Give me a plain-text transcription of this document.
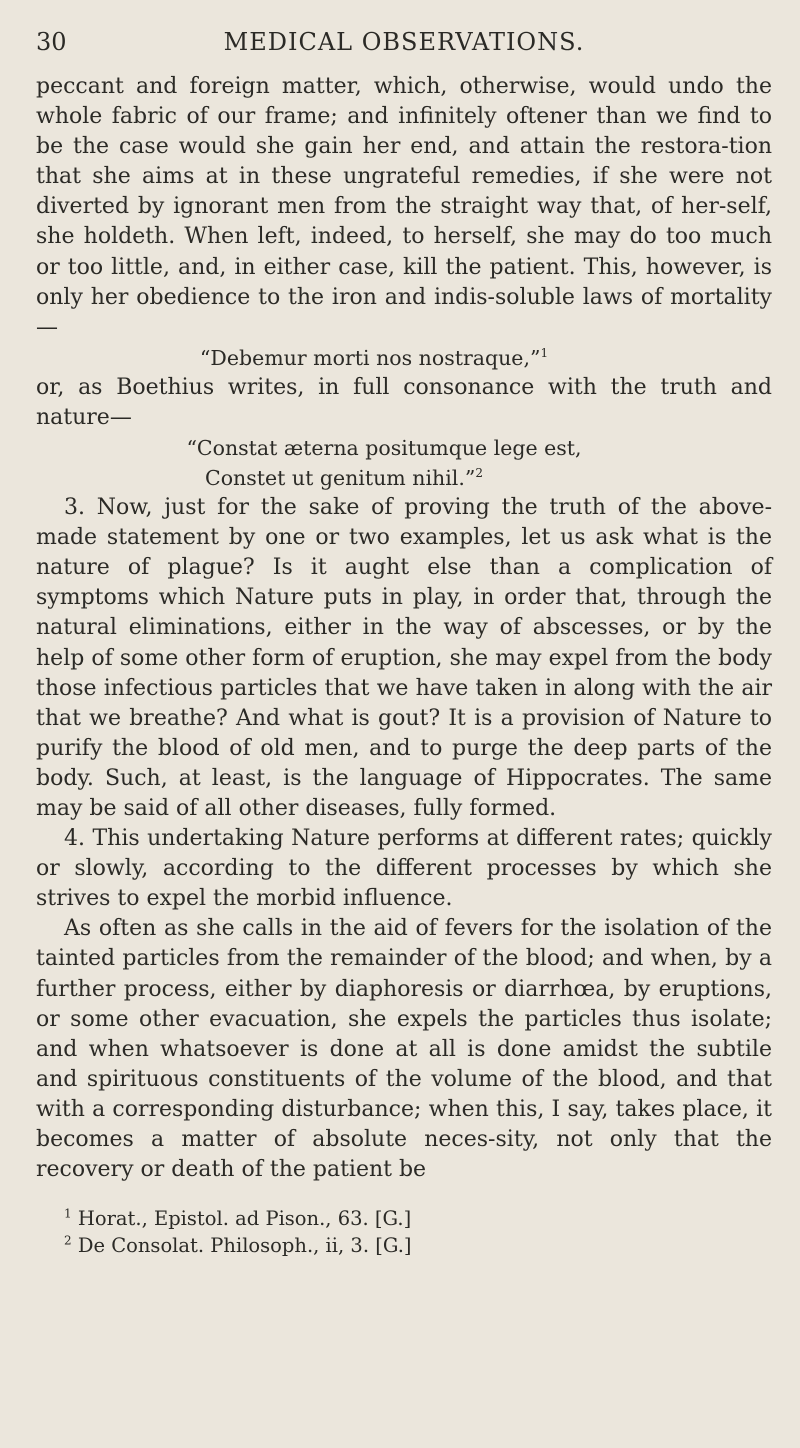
30	MEDICAL OBSERVATIONS.

peccant and foreign matter, which, otherwise, would undo the whole fabric of our frame; and infinitely oftener than we find to be the case would she gain her end, and attain the restora-tion that she aims at in these ungrateful remedies, if she were not diverted by ignorant men from the straight way that, of her-self, she holdeth. When left, indeed, to herself, she may do too much or too little, and, in either case, kill the patient. This, however, is only her obedience to the iron and indis-soluble laws of mortality—

“Debemur morti nos nostraque,”$^1$

or, as Boethius writes, in full consonance with the truth and nature—

“Constat æterna positumque lege est,

Constet ut genitum nihil.”$^2$

3. Now, just for the sake of proving the truth of the above-made statement by one or two examples, let us ask what is the nature of plague? Is it aught else than a complication of symptoms which Nature puts in play, in order that, through the natural eliminations, either in the way of abscesses, or by the help of some other form of eruption, she may expel from the body those infectious particles that we have taken in along with the air that we breathe? And what is gout? It is a provision of Nature to purify the blood of old men, and to purge the deep parts of the body. Such, at least, is the language of Hippocrates. The same may be said of all other diseases, fully formed.

4. This undertaking Nature performs at different rates; quickly or slowly, according to the different processes by which she strives to expel the morbid influence.

As often as she calls in the aid of fevers for the isolation of the tainted particles from the remainder of the blood; and when, by a further process, either by diaphoresis or diarrhœa, by eruptions, or some other evacuation, she expels the particles thus isolate; and when whatsoever is done at all is done amidst the subtile and spirituous constituents of the volume of the blood, and that with a corresponding disturbance; when this, I say, takes place, it becomes a matter of absolute neces-sity, not only that the recovery or death of the patient be

$^1$ Horat., Epistol. ad Pison., 63. [G.]

$^2$ De Consolat. Philosoph., ii, 3. [G.]
